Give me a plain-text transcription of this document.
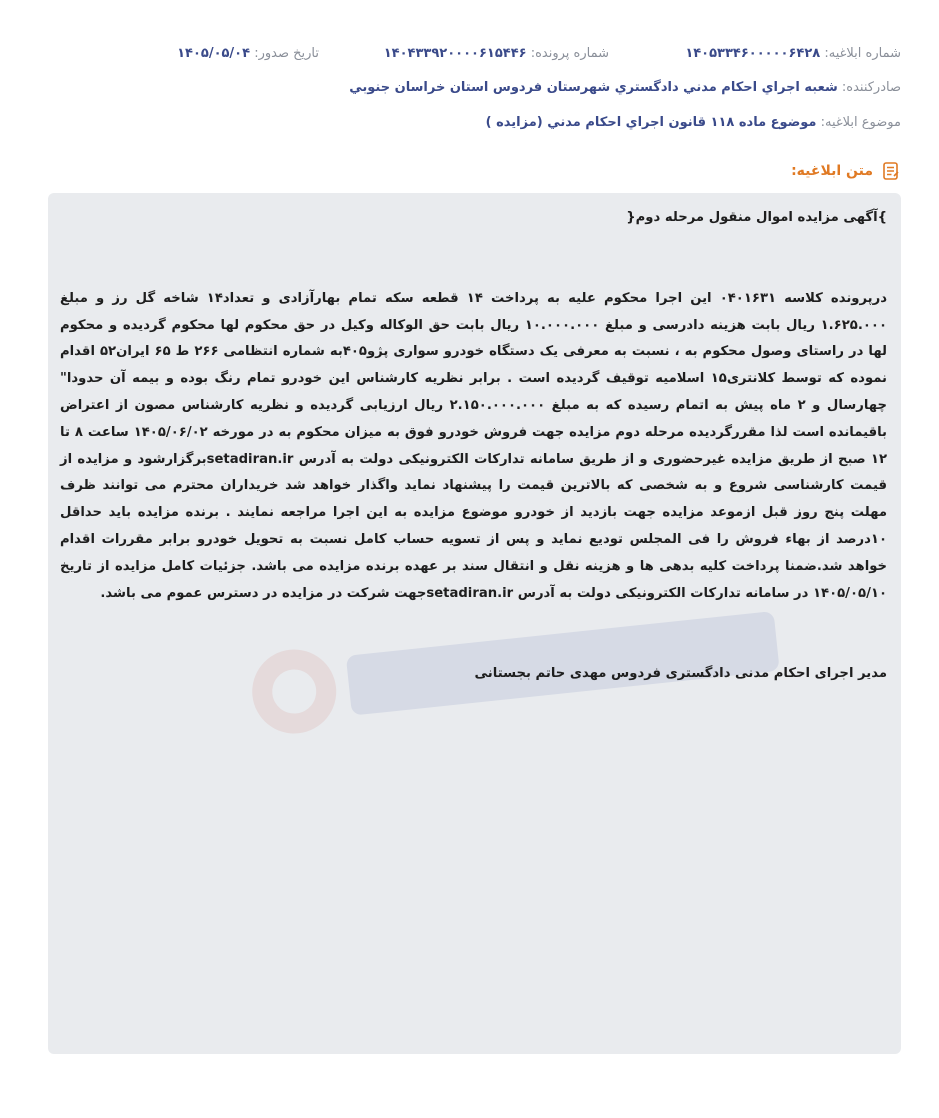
شماره ابلاغیه: ۱۴۰۵۳۳۴۶۰۰۰۰۰۶۴۲۸
شماره پرونده: ۱۴۰۴۳۳۹۲۰۰۰۰۶۱۵۴۴۶
تاریخ صدور: ۱۴۰۵/۰۵/۰۴
صادرکننده: شعبه اجراي احکام مدني دادگستري شهرستان فردوس استان خراسان جنوبي
موضوع ابلاغيه: موضوع ماده ۱۱۸ قانون اجراي احکام مدني (مزايده )
متن ابلاغیه:

}آگهی مزایده اموال منقول مرحله دوم{

درپرونده کلاسه ۰۴۰۱۶۳۱ این اجرا محکوم علیه به پرداخت ۱۴ قطعه سکه تمام بهارآزادی و تعداد۱۴ شاخه گل رز و مبلغ ۱.۶۲۵.۰۰۰ ریال بابت هزینه دادرسی و مبلغ ۱۰.۰۰۰.۰۰۰ ریال بابت حق الوکاله وکیل در حق محکوم لها محکوم گردیده و محکوم لها در راستای وصول محکوم به ، نسبت به معرفی یک دستگاه خودرو سواری پژو۴۰۵به شماره انتظامی ۲۶۶ ط ۶۵ ایران۵۲ اقدام نموده که توسط کلانتری۱۵ اسلامیه توقیف گردیده است . برابر نظریه کارشناس این خودرو تمام رنگ بوده و بیمه آن حدودا" چهارسال و ۲ ماه پیش به اتمام رسیده که به مبلغ ۲.۱۵۰.۰۰۰.۰۰۰ ریال ارزیابی گردیده و نظریه کارشناس مصون از اعتراض باقیمانده است لذا مقررگردیده مرحله دوم مزایده جهت فروش خودرو فوق به میزان محکوم به در مورخه ۱۴۰۵/۰۶/۰۲ ساعت ۸ تا ۱۲ صبح از طریق مزایده غیرحضوری و از طریق سامانه تدارکات الکترونیکی دولت به آدرس setadiran.irبرگزارشود و مزایده از قیمت کارشناسی شروع و به شخصی که بالاترین قیمت را پیشنهاد نماید واگذار خواهد شد خریداران محترم می توانند ظرف مهلت پنج روز قبل ازموعد مزایده جهت بازدید از خودرو موضوع مزایده به این اجرا مراجعه نمایند . برنده مزایده باید حداقل ۱۰درصد از بهاء فروش را فی المجلس توديع نماید و پس از تسویه حساب کامل نسبت به تحویل خودرو برابر مقررات اقدام خواهد شد.ضمنا پرداخت کلیه بدهی ها و هزینه نقل و انتقال سند بر عهده برنده مزایده می باشد. جزئیات کامل مزایده از تاریخ ۱۴۰۵/۰۵/۱۰ در سامانه تدارکات الکترونیکی دولت به آدرس setadiran.irجهت شرکت در مزایده در دسترس عموم می باشد.

مدیر اجرای احکام مدنی دادگستری فردوس مهدی حاتم بجستانی
